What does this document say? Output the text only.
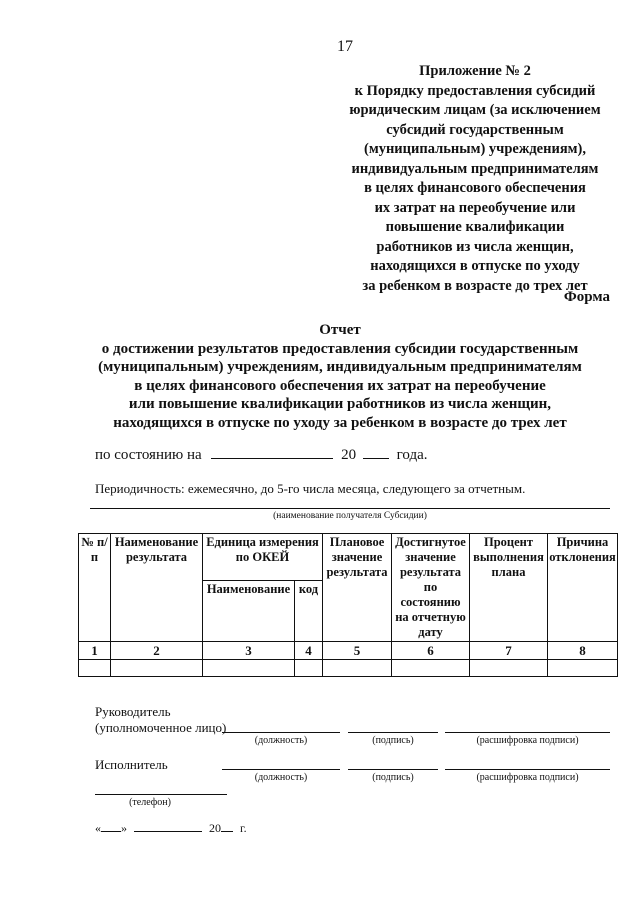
17
Приложение № 2
к Порядку предоставления субсидий
юридическим лицам (за исключением
субсидий государственным
(муниципальным) учреждениям),
индивидуальным предпринимателям
в целях финансового обеспечения
их затрат на переобучение или
повышение квалификации
работников из числа женщин,
находящихся в отпуске по уходу
за ребенком в возрасте до трех лет
Форма
Отчет
о достижении результатов предоставления субсидии государственным
(муниципальным) учреждениям, индивидуальным предпринимателям
в целях финансового обеспечения их затрат на переобучение
или повышение квалификации работников из числа женщин,
находящихся в отпуске по уходу за ребенком в возрасте до трех лет
по состоянию на	20	года.
Периодичность: ежемесячно, до 5-го числа месяца, следующего за отчетным.
(наименование получателя Субсидии)
№ п/п	Наименование результата	Единица измерения по ОКЕЙ		Плановое значение результата	Достигнутое значение результата по состоянию на отчетную дату	Процент выполнения плана	Причина отклонения
		Наименование	код				
1	2	3	4	5	6	7	8

Руководитель
(уполномоченное лицо)
(должность)	(подпись)	(расшифровка подписи)
Исполнитель
(должность)	(подпись)	(расшифровка подписи)
(телефон)
« »	20 г.
